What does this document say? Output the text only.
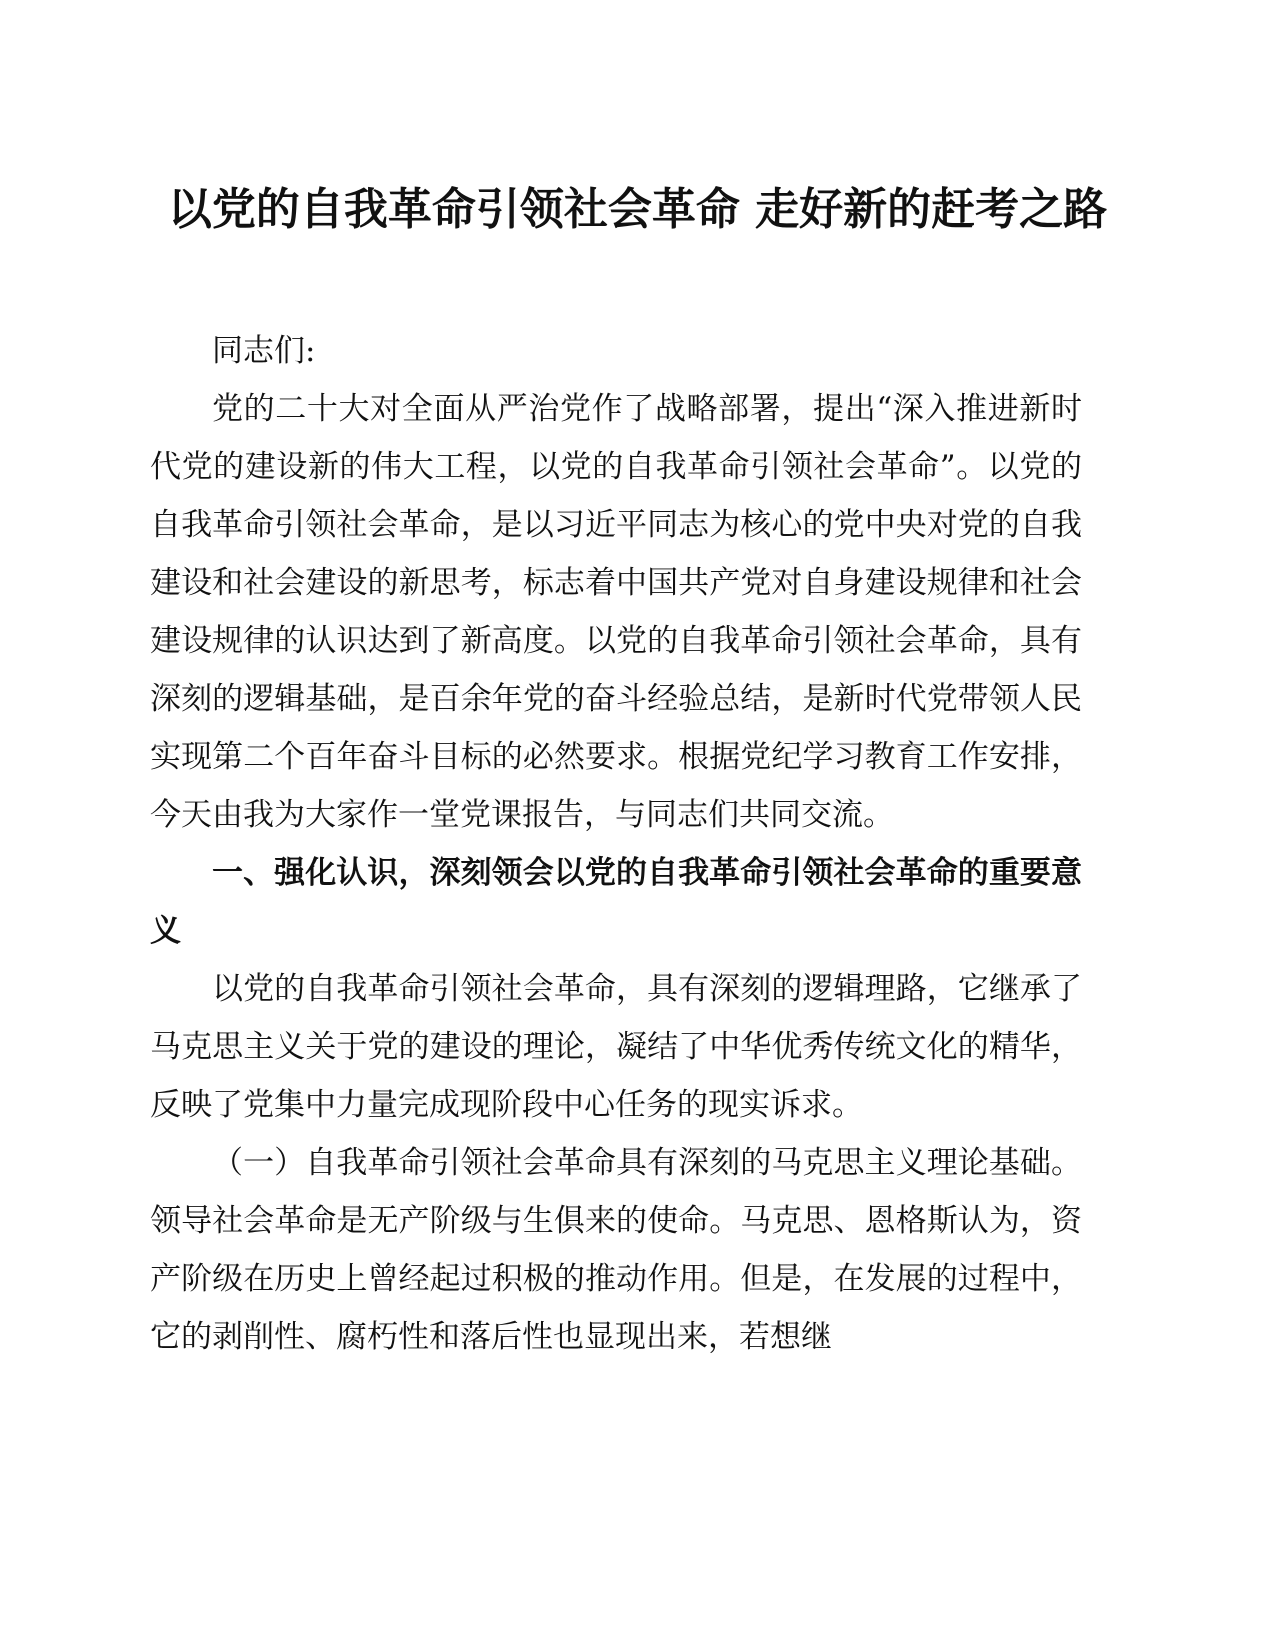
以党的自我革命引领社会革命 走好新的赶考之路

同志们:

党的二十大对全面从严治党作了战略部署，提出“深入推进新时代党的建设新的伟大工程，以党的自我革命引领社会革命”。以党的自我革命引领社会革命，是以习近平同志为核心的党中央对党的自我建设和社会建设的新思考，标志着中国共产党对自身建设规律和社会建设规律的认识达到了新高度。以党的自我革命引领社会革命，具有深刻的逻辑基础，是百余年党的奋斗经验总结，是新时代党带领人民实现第二个百年奋斗目标的必然要求。根据党纪学习教育工作安排，今天由我为大家作一堂党课报告，与同志们共同交流。

一、强化认识，深刻领会以党的自我革命引领社会革命的重要意义

以党的自我革命引领社会革命，具有深刻的逻辑理路，它继承了马克思主义关于党的建设的理论，凝结了中华优秀传统文化的精华，反映了党集中力量完成现阶段中心任务的现实诉求。

（一）自我革命引领社会革命具有深刻的马克思主义理论基础。领导社会革命是无产阶级与生俱来的使命。马克思、恩格斯认为，资产阶级在历史上曾经起过积极的推动作用。但是，在发展的过程中，它的剥削性、腐朽性和落后性也显现出来，若想继
